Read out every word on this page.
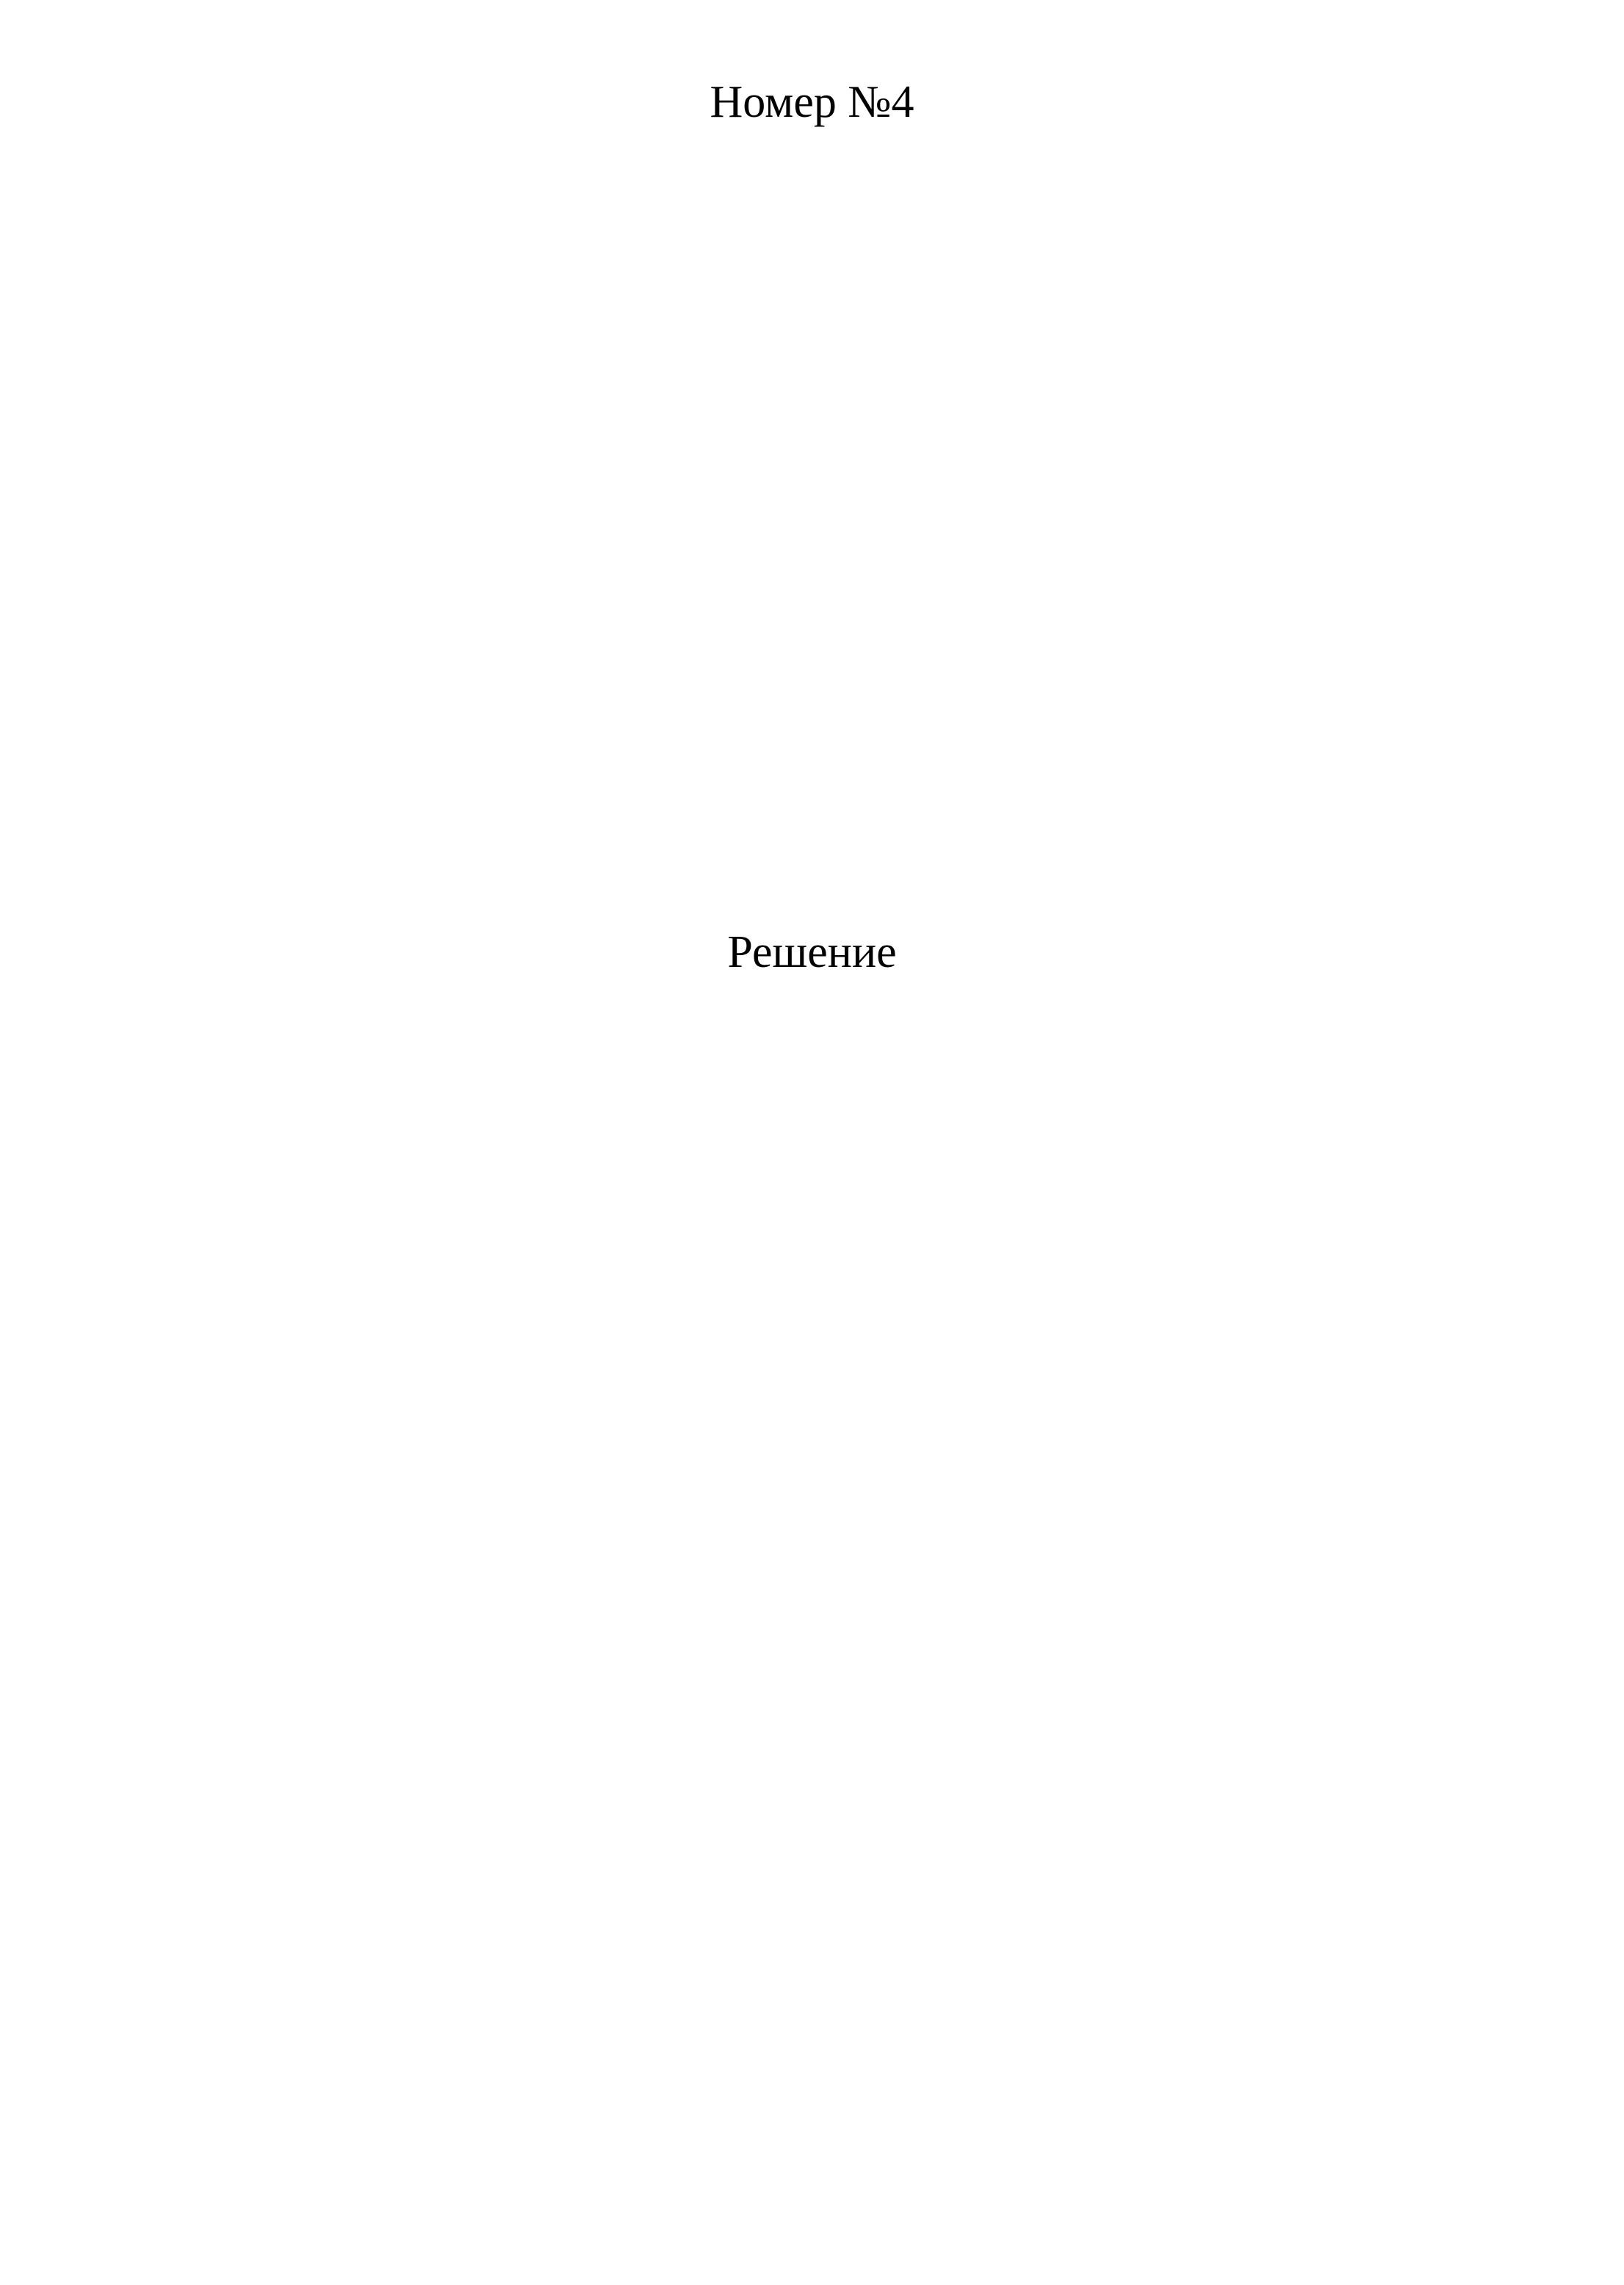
Номер №4
Решение
